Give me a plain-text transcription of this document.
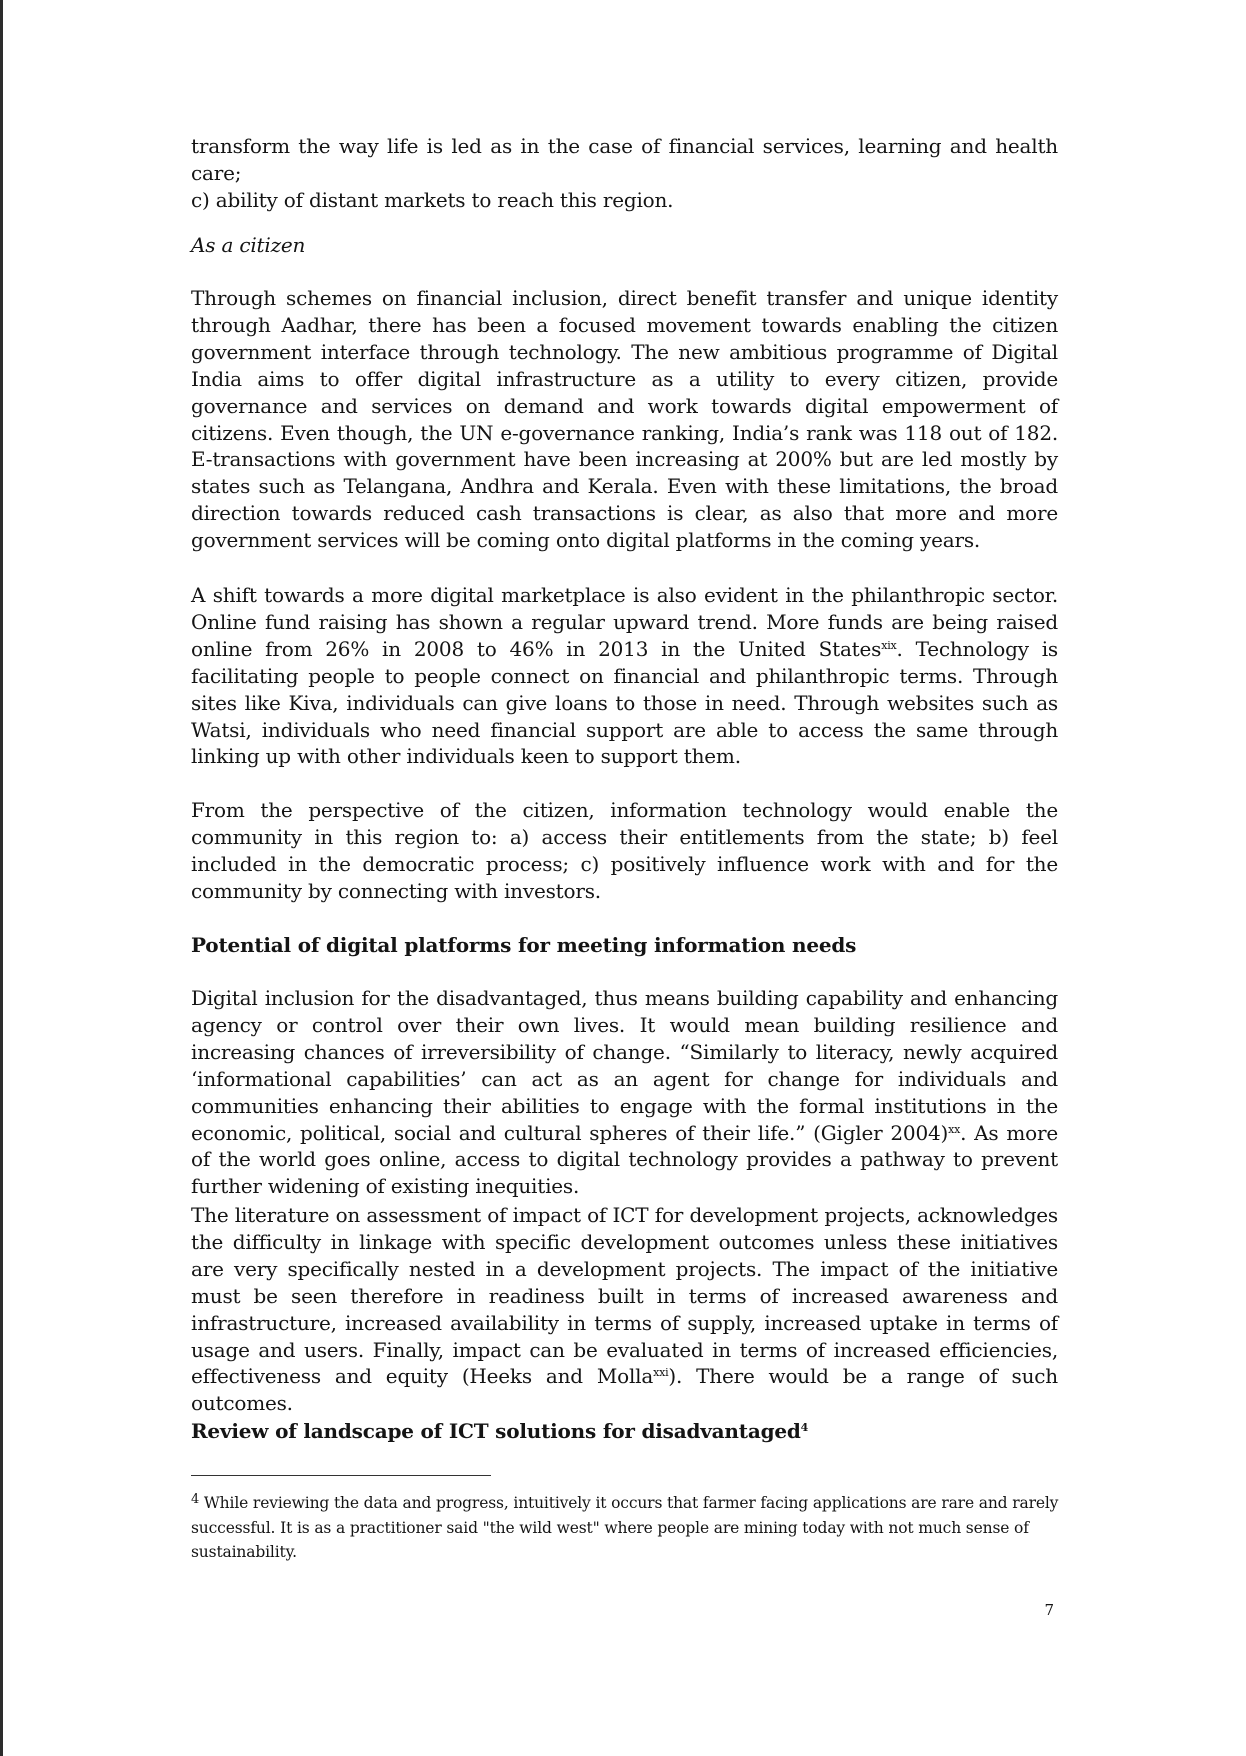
transform the way life is led as in the case of financial services, learning and health care;
c) ability of distant markets to reach this region.

As a citizen

Through schemes on financial inclusion, direct benefit transfer and unique identity through Aadhar, there has been a focused movement towards enabling the citizen government interface through technology. The new ambitious programme of Digital India aims to offer digital infrastructure as a utility to every citizen, provide governance and services on demand and work towards digital empowerment of citizens. Even though, the UN e-governance ranking, India’s rank was 118 out of 182. E-transactions with government have been increasing at 200% but are led mostly by states such as Telangana, Andhra and Kerala. Even with these limitations, the broad direction towards reduced cash transactions is clear, as also that more and more government services will be coming onto digital platforms in the coming years.

A shift towards a more digital marketplace is also evident in the philanthropic sector. Online fund raising has shown a regular upward trend. More funds are being raised online from 26% in 2008 to 46% in 2013 in the United States$^{xix}$. Technology is facilitating people to people connect on financial and philanthropic terms. Through sites like Kiva, individuals can give loans to those in need. Through websites such as Watsi, individuals who need financial support are able to access the same through linking up with other individuals keen to support them.

From the perspective of the citizen, information technology would enable the community in this region to: a) access their entitlements from the state; b) feel included in the democratic process; c) positively influence work with and for the community by connecting with investors.

Potential of digital platforms for meeting information needs

Digital inclusion for the disadvantaged, thus means building capability and enhancing agency or control over their own lives. It would mean building resilience and increasing chances of irreversibility of change. “Similarly to literacy, newly acquired ‘informational capabilities’ can act as an agent for change for individuals and communities enhancing their abilities to engage with the formal institutions in the economic, political, social and cultural spheres of their life.” (Gigler 2004)$^{xx}$. As more of the world goes online, access to digital technology provides a pathway to prevent further widening of existing inequities.

The literature on assessment of impact of ICT for development projects, acknowledges the difficulty in linkage with specific development outcomes unless these initiatives are very specifically nested in a development projects. The impact of the initiative must be seen therefore in readiness built in terms of increased awareness and infrastructure, increased availability in terms of supply, increased uptake in terms of usage and users. Finally, impact can be evaluated in terms of increased efficiencies, effectiveness and equity (Heeks and Molla$^{xxi}$). There would be a range of such outcomes.

Review of landscape of ICT solutions for disadvantaged$^4$

$^4$ While reviewing the data and progress, intuitively it occurs that farmer facing applications are rare and rarely successful. It is as a practitioner said "the wild west" where people are mining today with not much sense of sustainability.

7
